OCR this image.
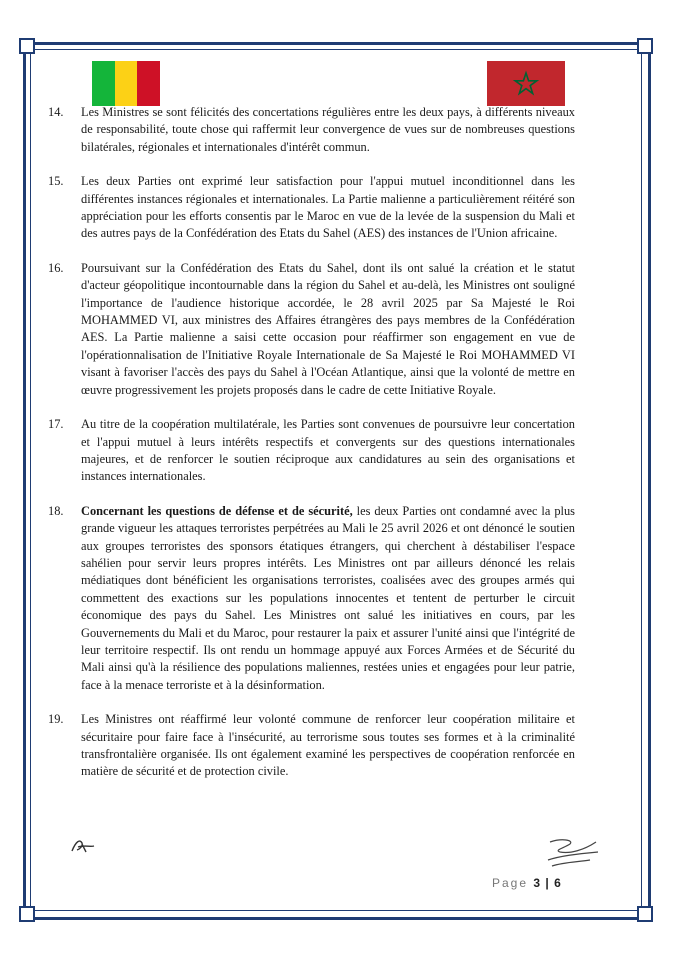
14.	Les Ministres se sont félicités des concertations régulières entre les deux pays, à différents niveaux de responsabilité, toute chose qui raffermit leur convergence de vues sur de nombreuses questions bilatérales, régionales et internationales d'intérêt commun.
15.	Les deux Parties ont exprimé leur satisfaction pour l'appui mutuel inconditionnel dans les différentes instances régionales et internationales. La Partie malienne a particulièrement réitéré son appréciation pour les efforts consentis par le Maroc en vue de la levée de la suspension du Mali et des autres pays de la Confédération des Etats du Sahel (AES) des instances de l'Union africaine.
16.	Poursuivant sur la Confédération des Etats du Sahel, dont ils ont salué la création et le statut d'acteur géopolitique incontournable dans la région du Sahel et au-delà, les Ministres ont souligné l'importance de l'audience historique accordée, le 28 avril 2025 par Sa Majesté le Roi MOHAMMED VI, aux ministres des Affaires étrangères des pays membres de la Confédération AES. La Partie malienne a saisi cette occasion pour réaffirmer son engagement en vue de l'opérationnalisation de l'Initiative Royale Internationale de Sa Majesté le Roi MOHAMMED VI visant à favoriser l'accès des pays du Sahel à l'Océan Atlantique, ainsi que la volonté de mettre en œuvre progressivement les projets proposés dans le cadre de cette Initiative Royale.
17.	Au titre de la coopération multilatérale, les Parties sont convenues de poursuivre leur concertation et l'appui mutuel à leurs intérêts respectifs et convergents sur des questions internationales majeures, et de renforcer le soutien réciproque aux candidatures au sein des organisations et instances internationales.
18.	Concernant les questions de défense et de sécurité, les deux Parties ont condamné avec la plus grande vigueur les attaques terroristes perpétrées au Mali le 25 avril 2026 et ont dénoncé le soutien aux groupes terroristes des sponsors étatiques étrangers, qui cherchent à déstabiliser l'espace sahélien pour servir leurs propres intérêts. Les Ministres ont par ailleurs dénoncé les relais médiatiques dont bénéficient les organisations terroristes, coalisées avec des groupes armés qui commettent des exactions sur les populations innocentes et tentent de perturber le circuit économique des pays du Sahel. Les Ministres ont salué les initiatives en cours, par les Gouvernements du Mali et du Maroc, pour restaurer la paix et assurer l'unité ainsi que l'intégrité de leur territoire respectif. Ils ont rendu un hommage appuyé aux Forces Armées et de Sécurité du Mali ainsi qu'à la résilience des populations maliennes, restées unies et engagées pour leur patrie, face à la menace terroriste et à la désinformation.
19.	Les Ministres ont réaffirmé leur volonté commune de renforcer leur coopération militaire et sécuritaire pour faire face à l'insécurité, au terrorisme sous toutes ses formes et à la criminalité transfrontalière organisée. Ils ont également examiné les perspectives de coopération renforcée en matière de sécurité et de protection civile.
Page 3 | 6
